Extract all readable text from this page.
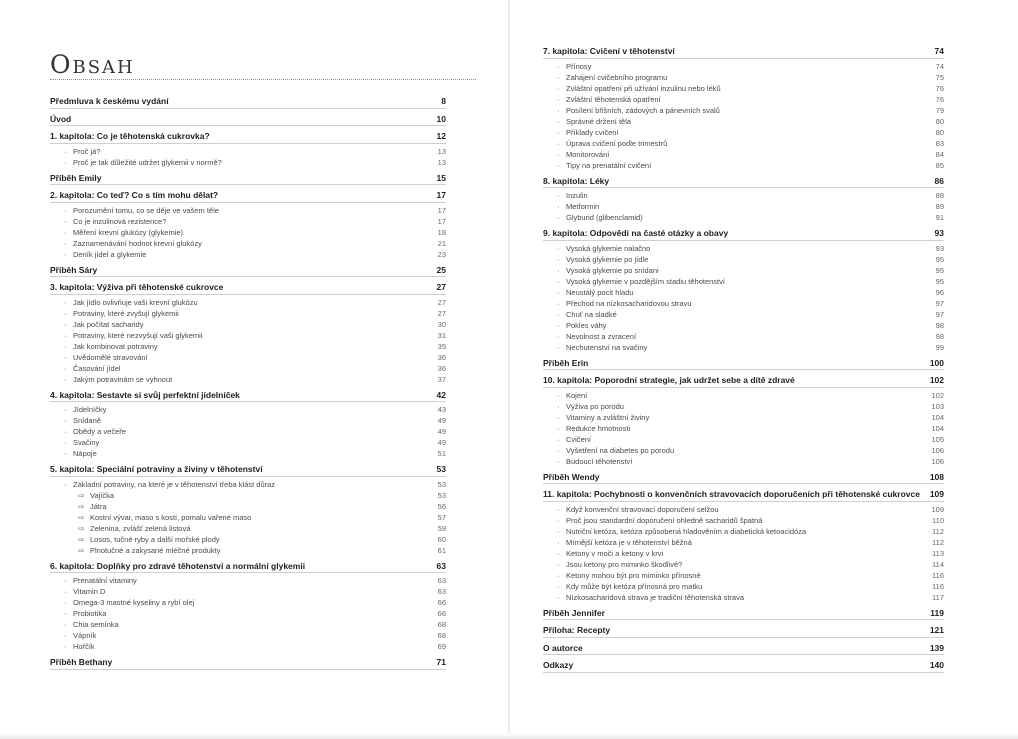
Obsah
Předmluva k českému vydání	8
Úvod	10
1. kapitola: Co je těhotenská cukrovka?	12
· Proč já?	13
· Proč je tak důležité udržet glykemii v normě?	13
Příběh Emily	15
2. kapitola: Co teď? Co s tím mohu dělat?	17
· Porozumění tomu, co se děje ve vašem těle	17
· Co je inzulinová rezistence?	17
· Měření krevní glukózy (glykemie)	18
· Zaznamenávání hodnot krevní glukózy	21
· Deník jídel a glykemie	23
Příběh Sáry	25
3. kapitola: Výživa při těhotenské cukrovce	27
· Jak jídlo ovlivňuje vaši krevní glukózu	27
· Potraviny, které zvyšují glykemii	27
· Jak počítat sacharidy	30
· Potraviny, které nezvyšují vaši glykemii	31
· Jak kombinovat potraviny	35
· Uvědomělé stravování	36
· Časování jídel	36
· Jakým potravinám se vyhnout	37
4. kapitola: Sestavte si svůj perfektní jídelníček	42
· Jídelníčky	43
· Snídaně	49
· Obědy a večeře	49
· Svačiny	49
· Nápoje	51
5. kapitola: Speciální potraviny a živiny v těhotenství	53
· Základní potraviny, na které je v těhotenství třeba klást důraz	53
⇨ Vajíčka	53
⇨ Játra	56
⇨ Kostní vývar, maso s kostí, pomalu vařené maso	57
⇨ Zelenina, zvlášť zelená listová	59
⇨ Losos, tučné ryby a další mořské plody	60
⇨ Plnotučné a zakysané mléčné produkty	61
6. kapitola: Doplňky pro zdravé těhotenství a normální glykemii	63
· Prenatální vitaminy	63
· Vitamin D	63
· Omega-3 mastné kyseliny a rybí olej	66
· Probiotika	66
· Chia semínka	68
· Vápník	68
· Hořčík	69
Příběh Bethany	71
7. kapitola: Cvičení v těhotenství	74
· Přínosy	74
· Zahájení cvičebního programu	75
· Zvláštní opatření při užívání inzulinu nebo léků	76
· Zvláštní těhotenská opatření	76
· Posílení břišních, zádových a pánevních svalů	79
· Správné držení těla	80
· Příklady cvičení	80
· Úprava cvičení podle trimestrů	83
· Monitorování	84
· Tipy na prenatální cvičení	85
8. kapitola: Léky	86
· Inzulin	88
· Metformin	89
· Glyburid (glibenclamid)	91
9. kapitola: Odpovědi na časté otázky a obavy	93
· Vysoká glykemie nalačno	93
· Vysoká glykemie po jídle	95
· Vysoká glykemie po snídani	95
· Vysoká glykemie v pozdějším stadiu těhotenství	95
· Neustálý pocit hladu	96
· Přechod na nízkosacharidovou stravu	97
· Chuť na sladké	97
· Pokles váhy	98
· Nevolnost a zvracení	98
· Nechutenství na svačiny	99
Příběh Erin	100
10. kapitola: Poporodní strategie, jak udržet sebe a dítě zdravé	102
· Kojení	102
· Výživa po porodu	103
· Vitaminy a zvláštní živiny	104
· Redukce hmotnosti	104
· Cvičení	105
· Vyšetření na diabetes po porodu	106
· Budoucí těhotenství	106
Příběh Wendy	108
11. kapitola: Pochybnosti o konvenčních stravovacích doporučeních při těhotenské cukrovce	109
· Když konvenční stravovací doporučení selžou	109
· Proč jsou standardní doporučení ohledně sacharidů špatná	110
· Nutriční ketóza, ketóza způsobená hladověním a diabetická ketoacidóza	112
· Mírnější ketóza je v těhotenství běžná	112
· Ketony v moči a ketony v krvi	113
· Jsou ketony pro miminko škodlivé?	114
· Ketony mohou být pro miminko přínosné	116
· Kdy může být ketóza přínosná pro matku	116
· Nízkosacharidová strava je tradiční těhotenská strava	117
Příběh Jennifer	119
Příloha: Recepty	121
O autorce	139
Odkazy	140
